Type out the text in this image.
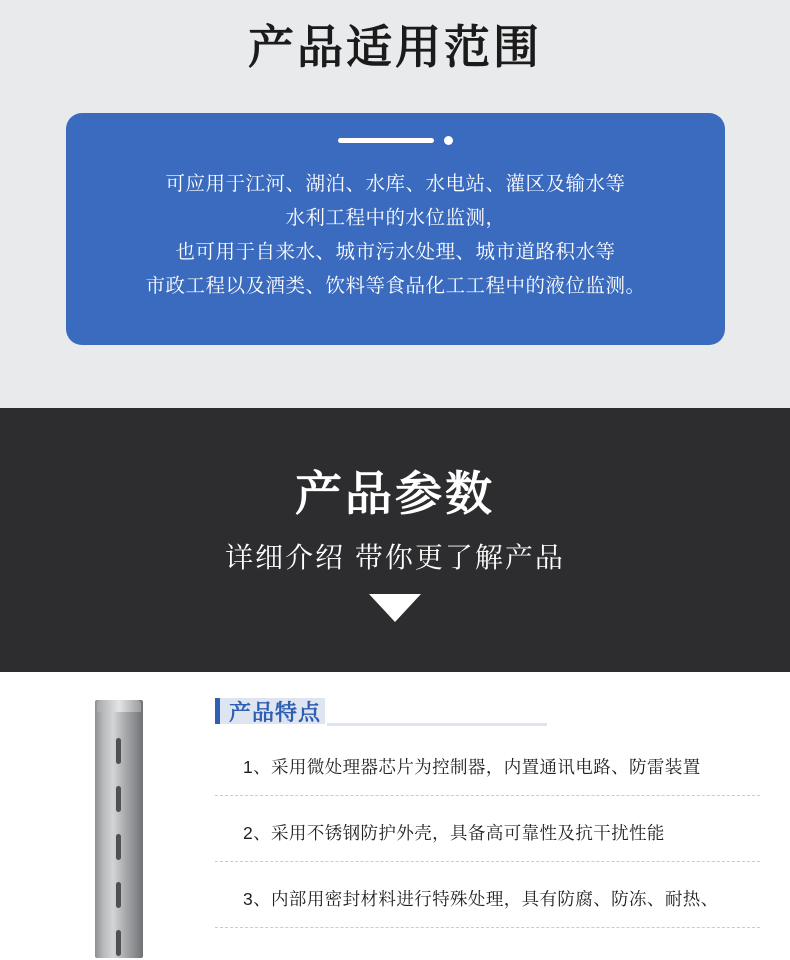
产品适用范围
可应用于江河、湖泊、水库、水电站、灌区及输水等
水利工程中的水位监测，
也可用于自来水、城市污水处理、城市道路积水等
市政工程以及酒类、饮料等食品化工工程中的液位监测。
产品参数
详细介绍 带你更了解产品
产品特点
1、采用微处理器芯片为控制器，内置通讯电路、防雷装置
2、采用不锈钢防护外壳，具备高可靠性及抗干扰性能
3、内部用密封材料进行特殊处理，具有防腐、防冻、耐热、
